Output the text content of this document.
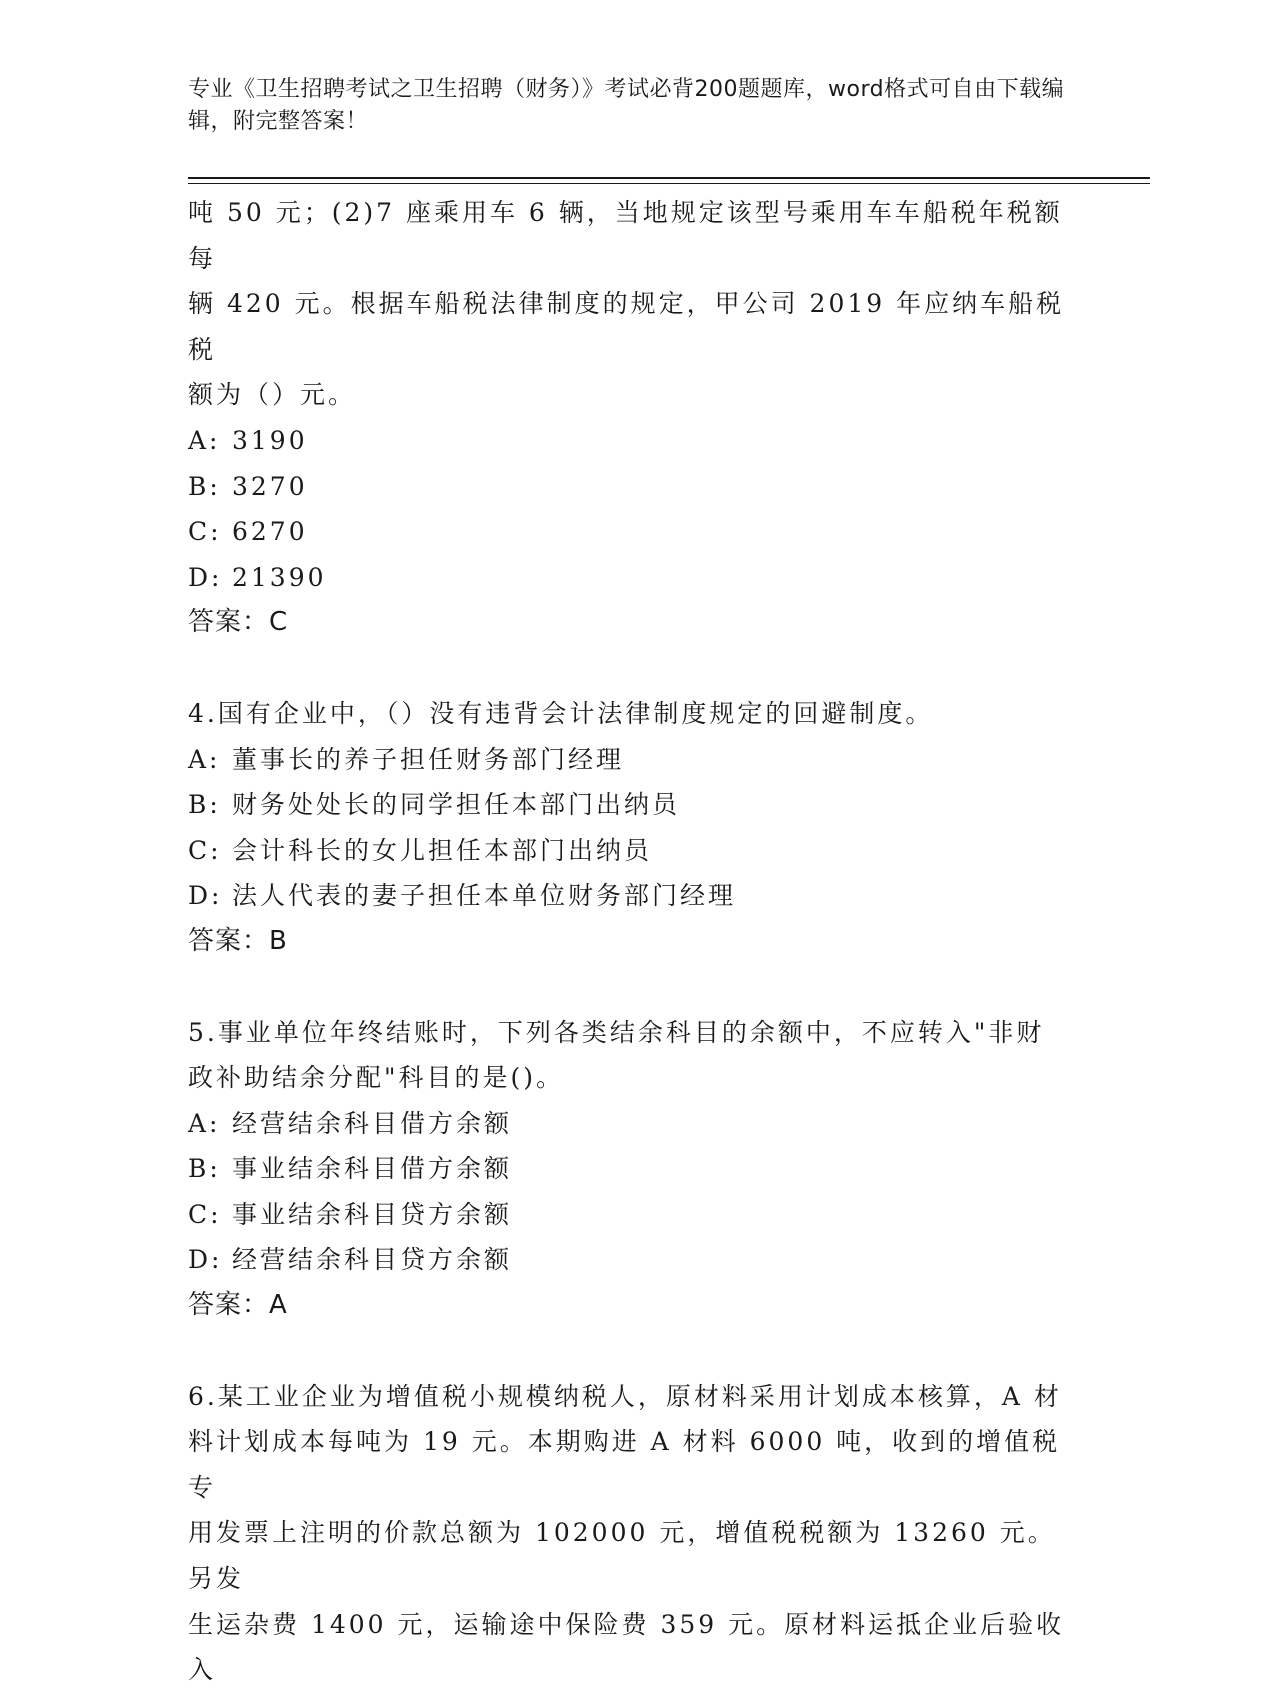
专业《卫生招聘考试之卫生招聘（财务）》考试必背200题题库，word格式可自由下载编辑，附完整答案！

吨 50 元；(2)7 座乘用车 6 辆，当地规定该型号乘用车车船税年税额每

辆 420 元。根据车船税法律制度的规定，甲公司 2019 年应纳车船税税

额为（）元。

A: 3190

B: 3270

C: 6270

D: 21390

答案：C

4.国有企业中，（）没有违背会计法律制度规定的回避制度。

A: 董事长的养子担任财务部门经理

B: 财务处处长的同学担任本部门出纳员

C: 会计科长的女儿担任本部门出纳员

D: 法人代表的妻子担任本单位财务部门经理

答案：B

5.事业单位年终结账时，下列各类结余科目的余额中，不应转入"非财

政补助结余分配"科目的是()。

A: 经营结余科目借方余额

B: 事业结余科目借方余额

C: 事业结余科目贷方余额

D: 经营结余科目贷方余额

答案：A

6.某工业企业为增值税小规模纳税人，原材料采用计划成本核算，A 材

料计划成本每吨为 19 元。本期购进 A 材料 6000 吨，收到的增值税专

用发票上注明的价款总额为 102000 元，增值税税额为 13260 元。另发

生运杂费 1400 元，运输途中保险费 359 元。原材料运抵企业后验收入
